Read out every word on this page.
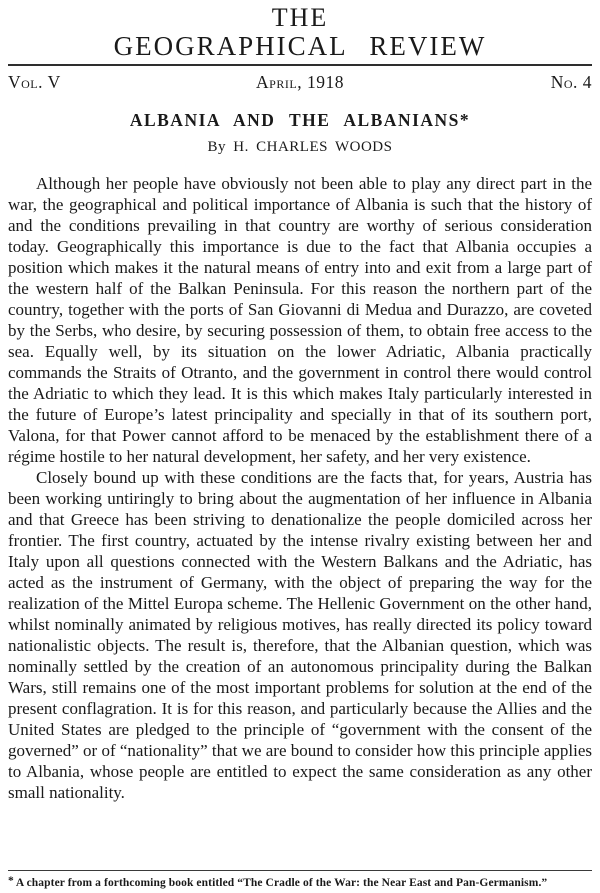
THE
GEOGRAPHICAL REVIEW
Vol. V	April, 1918	No. 4
ALBANIA AND THE ALBANIANS*
By H. CHARLES WOODS

Although her people have obviously not been able to play any direct part in the war, the geographical and political importance of Albania is such that the history of and the conditions prevailing in that country are worthy of serious consideration today. Geographically this importance is due to the fact that Albania occupies a position which makes it the natural means of entry into and exit from a large part of the western half of the Balkan Peninsula. For this reason the northern part of the country, together with the ports of San Giovanni di Medua and Durazzo, are coveted by the Serbs, who desire, by securing possession of them, to obtain free access to the sea. Equally well, by its situation on the lower Adriatic, Albania practically commands the Straits of Otranto, and the government in control there would control the Adriatic to which they lead. It is this which makes Italy particularly interested in the future of Europe’s latest principality and specially in that of its southern port, Valona, for that Power cannot afford to be menaced by the establishment there of a régime hostile to her natural development, her safety, and her very existence.

Closely bound up with these conditions are the facts that, for years, Austria has been working untiringly to bring about the augmentation of her influence in Albania and that Greece has been striving to denationalize the people domiciled across her frontier. The first country, actuated by the intense rivalry existing between her and Italy upon all questions connected with the Western Balkans and the Adriatic, has acted as the instrument of Germany, with the object of preparing the way for the realization of the Mittel Europa scheme. The Hellenic Government on the other hand, whilst nominally animated by religious motives, has really directed its policy toward nationalistic objects. The result is, therefore, that the Albanian question, which was nominally settled by the creation of an autonomous principality during the Balkan Wars, still remains one of the most important problems for solution at the end of the present conflagration. It is for this reason, and particularly because the Allies and the United States are pledged to the principle of “government with the consent of the governed” or of “nationality” that we are bound to consider how this principle applies to Albania, whose people are entitled to expect the same consideration as any other small nationality.

* A chapter from a forthcoming book entitled “The Cradle of the War: the Near East and Pan-Germanism.”
